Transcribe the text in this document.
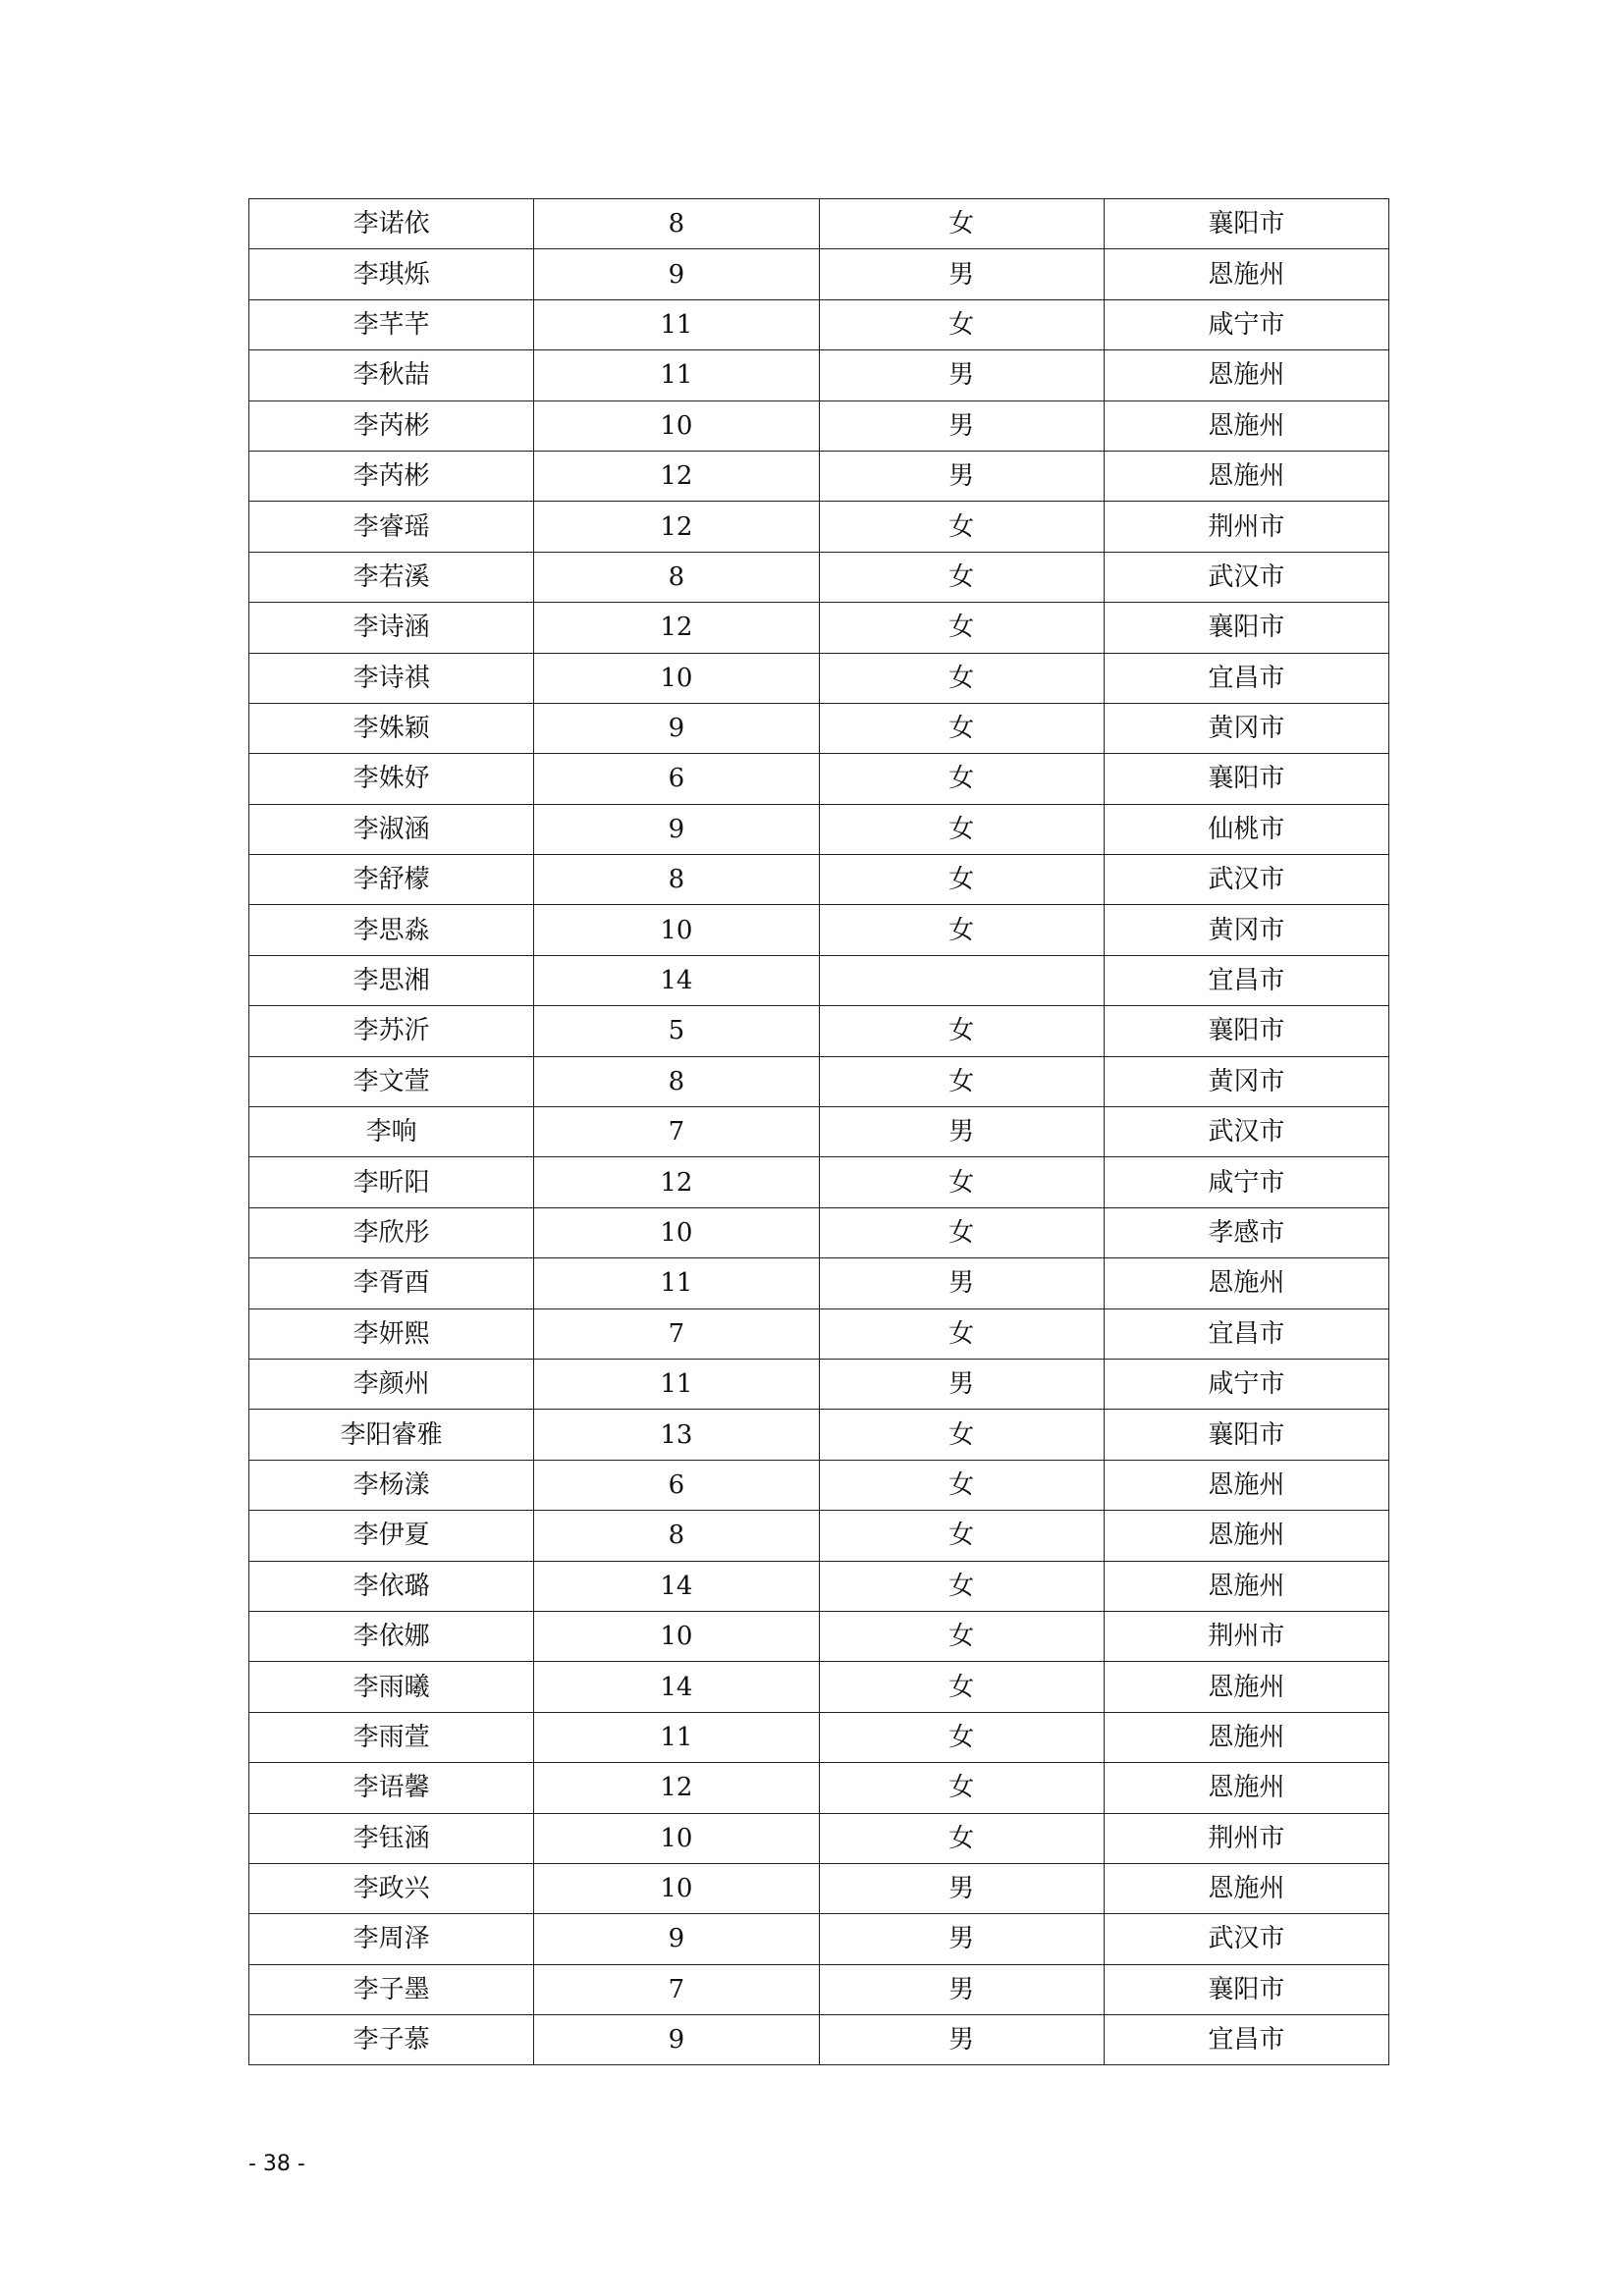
李诺依	8	女	襄阳市
李琪烁	9	男	恩施州
李芊芊	11	女	咸宁市
李秋喆	11	男	恩施州
李芮彬	10	男	恩施州
李芮彬	12	男	恩施州
李睿瑶	12	女	荆州市
李若溪	8	女	武汉市
李诗涵	12	女	襄阳市
李诗祺	10	女	宜昌市
李姝颖	9	女	黄冈市
李姝妤	6	女	襄阳市
李淑涵	9	女	仙桃市
李舒檬	8	女	武汉市
李思淼	10	女	黄冈市
李思湘	14		宜昌市
李苏沂	5	女	襄阳市
李文萱	8	女	黄冈市
李响	7	男	武汉市
李昕阳	12	女	咸宁市
李欣彤	10	女	孝感市
李胥酉	11	男	恩施州
李妍熙	7	女	宜昌市
李颜州	11	男	咸宁市
李阳睿雅	13	女	襄阳市
李杨漾	6	女	恩施州
李伊夏	8	女	恩施州
李依璐	14	女	恩施州
李依娜	10	女	荆州市
李雨曦	14	女	恩施州
李雨萱	11	女	恩施州
李语馨	12	女	恩施州
李钰涵	10	女	荆州市
李政兴	10	男	恩施州
李周泽	9	男	武汉市
李子墨	7	男	襄阳市
李子慕	9	男	宜昌市
- 38 -
